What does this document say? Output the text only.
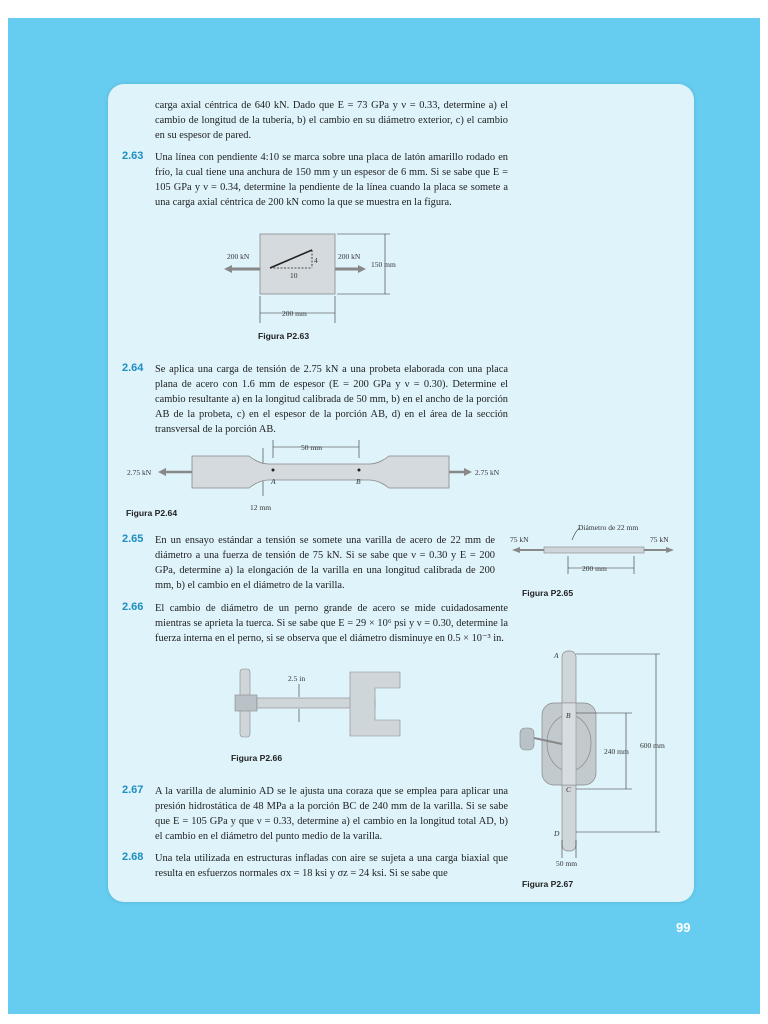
carga axial céntrica de 640 kN. Dado que E = 73 GPa y ν = 0.33, determine a) el cambio de longitud de la tubería, b) el cambio en su diámetro exterior, c) el cambio en su espesor de pared.
2.63 Una línea con pendiente 4:10 se marca sobre una placa de latón amarillo rodado en frío, la cual tiene una anchura de 150 mm y un espesor de 6 mm. Si se sabe que E = 105 GPa y ν = 0.34, determine la pendiente de la línea cuando la placa se somete a una carga axial céntrica de 200 kN como la que se muestra en la figura.
200 kN	200 kN
4
10
150 mm
200 mm
Figura P2.63
2.64 Se aplica una carga de tensión de 2.75 kN a una probeta elaborada con una placa plana de acero con 1.6 mm de espesor (E = 200 GPa y ν = 0.30). Determine el cambio resultante a) en la longitud calibrada de 50 mm, b) en el ancho de la porción AB de la probeta, c) en el espesor de la porción AB, d) en el área de la sección transversal de la porción AB.
2.75 kN	2.75 kN
A	B
50 mm
12 mm
Figura P2.64
2.65 En un ensayo estándar a tensión se somete una varilla de acero de 22 mm de diámetro a una fuerza de tensión de 75 kN. Si se sabe que ν = 0.30 y E = 200 GPa, determine a) la elongación de la varilla en una longitud calibrada de 200 mm, b) el cambio en el diámetro de la varilla.
Diámetro de 22 mm
75 kN	75 kN
200 mm
Figura P2.65
2.66 El cambio de diámetro de un perno grande de acero se mide cuidadosamente mientras se aprieta la tuerca. Si se sabe que E = 29 × 10⁶ psi y ν = 0.30, determine la fuerza interna en el perno, si se observa que el diámetro disminuye en 0.5 × 10⁻³ in.
2.5 in
Figura P2.66
A
B
C
D
240 mm
600 mm
50 mm
Figura P2.67
2.67 A la varilla de aluminio AD se le ajusta una coraza que se emplea para aplicar una presión hidrostática de 48 MPa a la porción BC de 240 mm de la varilla. Si se sabe que E = 105 GPa y que ν = 0.33, determine a) el cambio en la longitud total AD, b) el cambio en el diámetro del punto medio de la varilla.
2.68 Una tela utilizada en estructuras infladas con aire se sujeta a una carga biaxial que resulta en esfuerzos normales σx = 18 ksi y σz = 24 ksi. Si se sabe que
99
